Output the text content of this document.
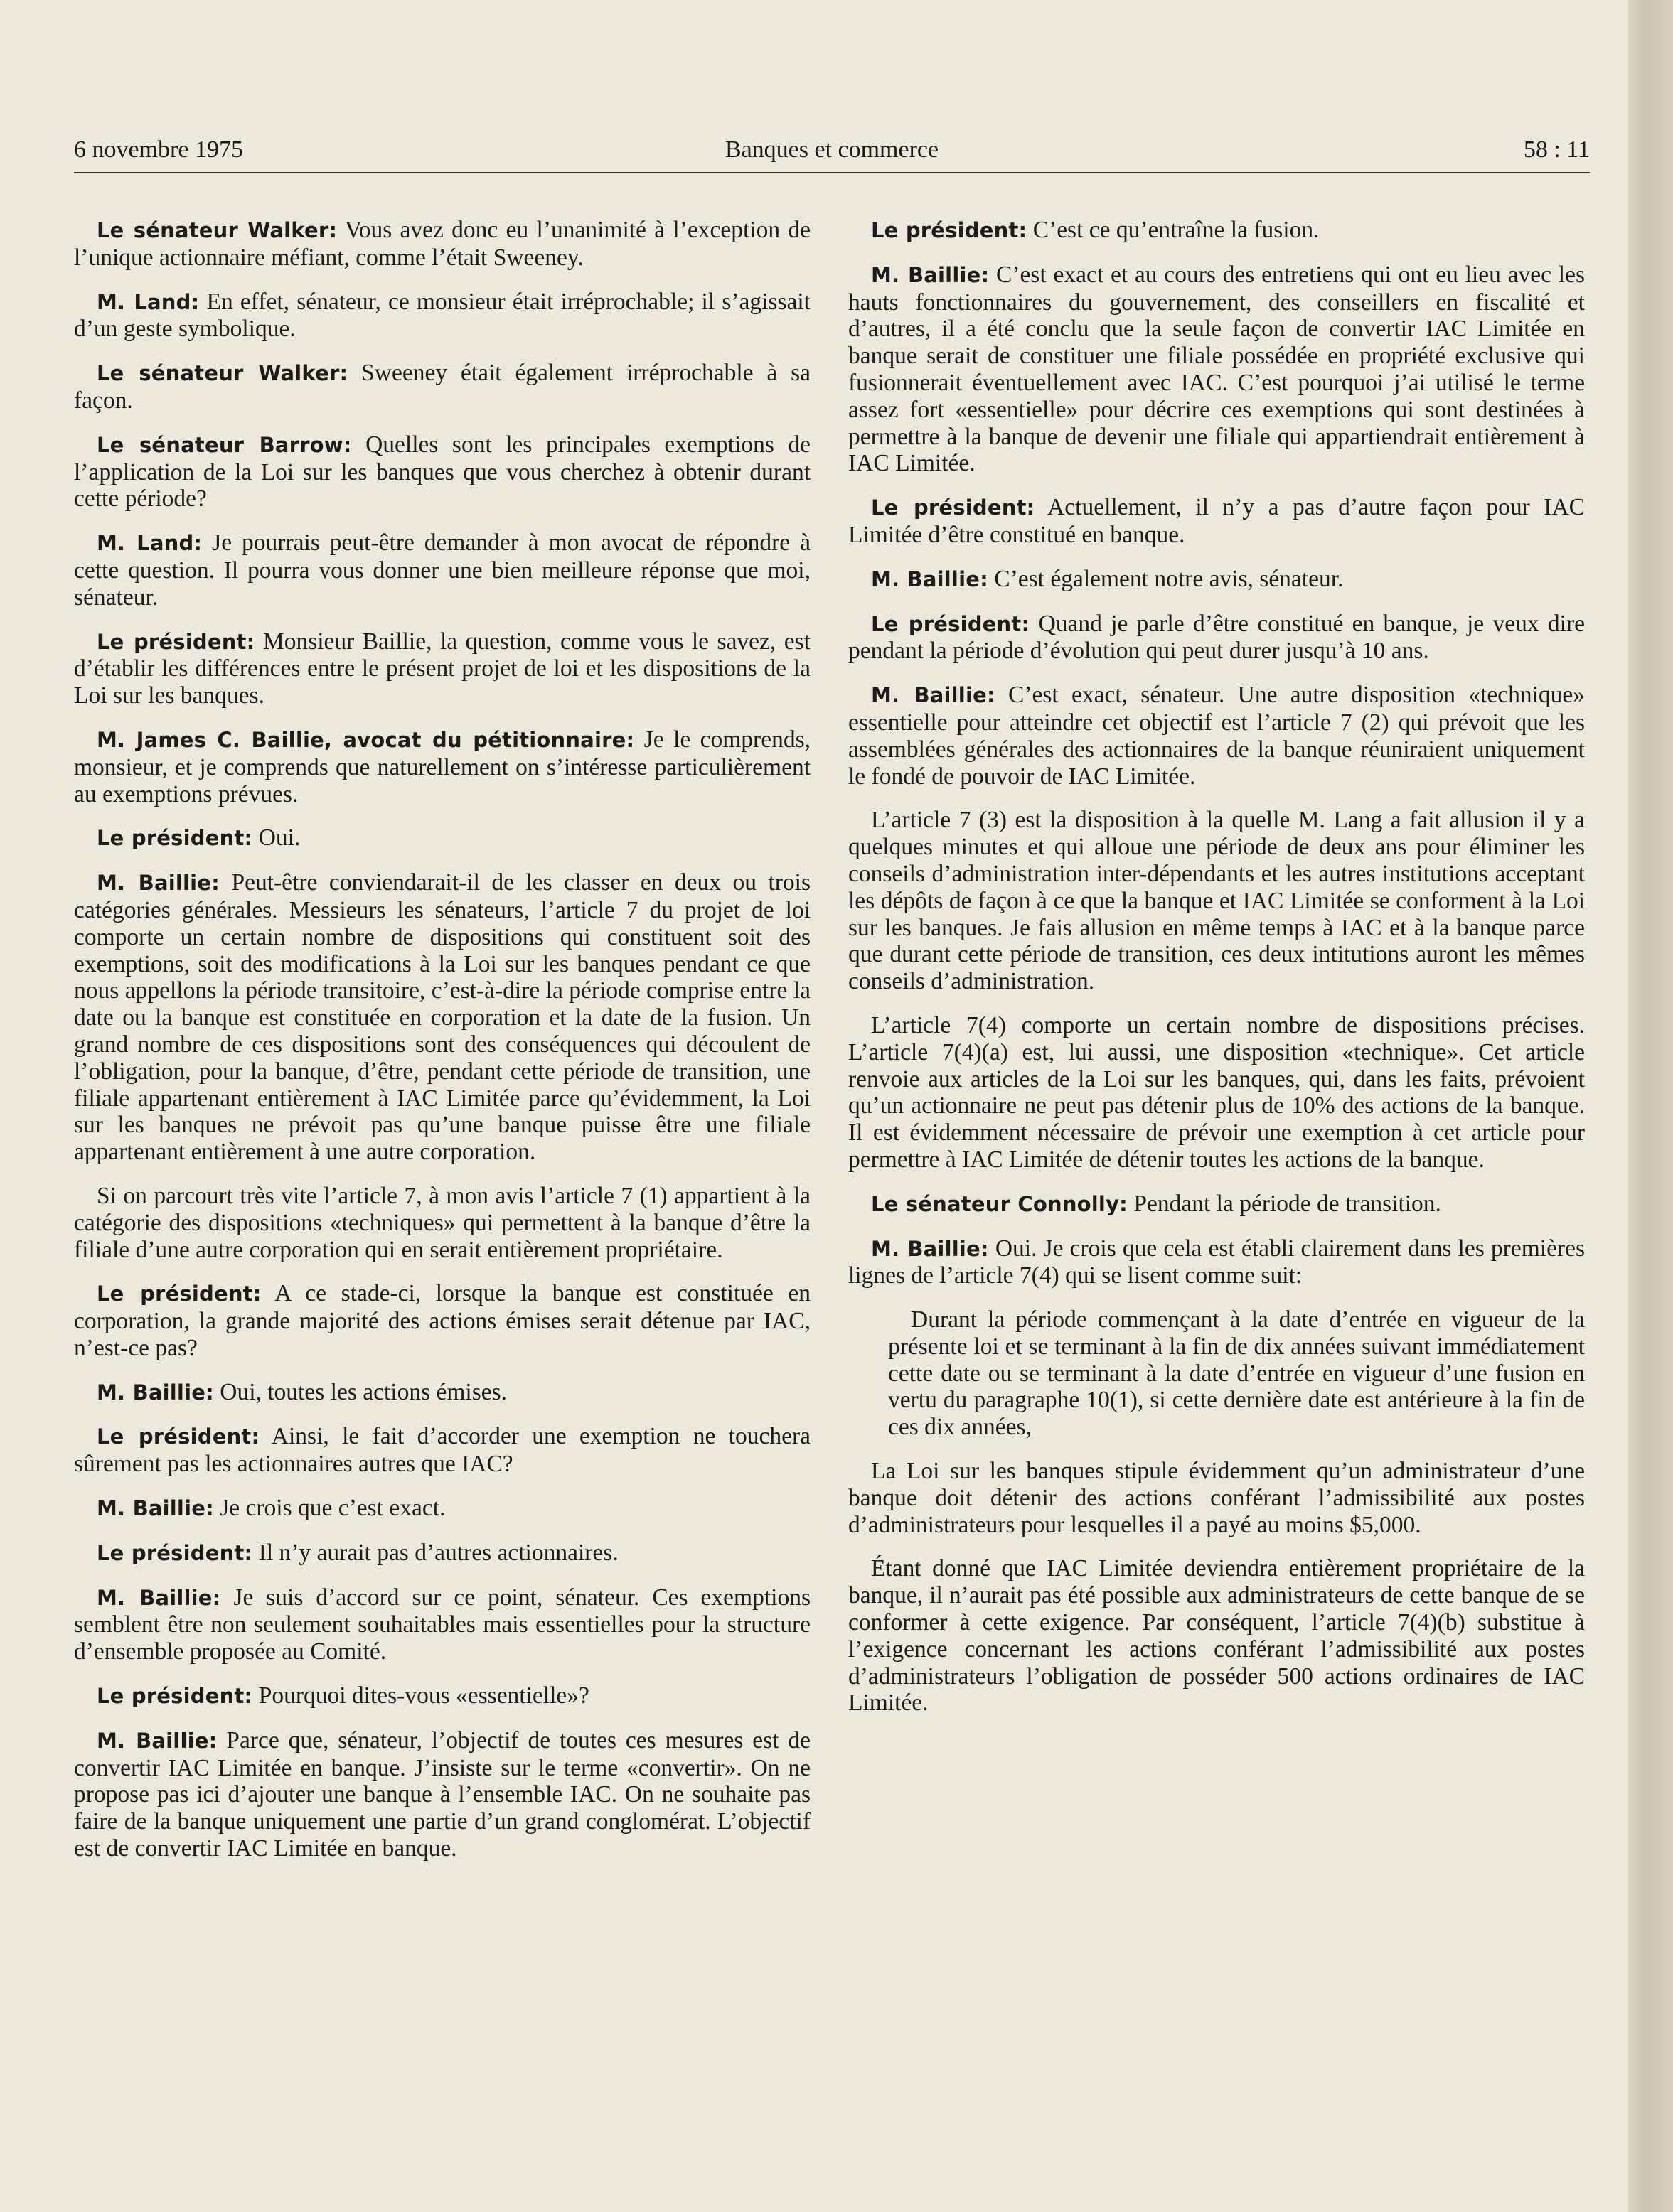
6 novembre 1975	Banques et commerce	58 : 11

Le sénateur Walker: Vous avez donc eu l’unanimité à l’exception de l’unique actionnaire méfiant, comme l’était Sweeney.

M. Land: En effet, sénateur, ce monsieur était irréprochable; il s’agissait d’un geste symbolique.

Le sénateur Walker: Sweeney était également irréprochable à sa façon.

Le sénateur Barrow: Quelles sont les principales exemptions de l’application de la Loi sur les banques que vous cherchez à obtenir durant cette période?

M. Land: Je pourrais peut-être demander à mon avocat de répondre à cette question. Il pourra vous donner une bien meilleure réponse que moi, sénateur.

Le président: Monsieur Baillie, la question, comme vous le savez, est d’établir les différences entre le présent projet de loi et les dispositions de la Loi sur les banques.

M. James C. Baillie, avocat du pétitionnaire: Je le comprends, monsieur, et je comprends que naturellement on s’intéresse particulièrement au exemptions prévues.

Le président: Oui.

M. Baillie: Peut-être conviendarait-il de les classer en deux ou trois catégories générales. Messieurs les sénateurs, l’article 7 du projet de loi comporte un certain nombre de dispositions qui constituent soit des exemptions, soit des modifications à la Loi sur les banques pendant ce que nous appellons la période transitoire, c’est-à-dire la période comprise entre la date ou la banque est constituée en corporation et la date de la fusion. Un grand nombre de ces dispositions sont des conséquences qui découlent de l’obligation, pour la banque, d’être, pendant cette période de transition, une filiale appartenant entièrement à IAC Limitée parce qu’évidemment, la Loi sur les banques ne prévoit pas qu’une banque puisse être une filiale appartenant entièrement à une autre corporation.

Si on parcourt très vite l’article 7, à mon avis l’article 7 (1) appartient à la catégorie des dispositions «techniques» qui permettent à la banque d’être la filiale d’une autre corporation qui en serait entièrement propriétaire.

Le président: A ce stade-ci, lorsque la banque est constituée en corporation, la grande majorité des actions émises serait détenue par IAC, n’est-ce pas?

M. Baillie: Oui, toutes les actions émises.

Le président: Ainsi, le fait d’accorder une exemption ne touchera sûrement pas les actionnaires autres que IAC?

M. Baillie: Je crois que c’est exact.

Le président: Il n’y aurait pas d’autres actionnaires.

M. Baillie: Je suis d’accord sur ce point, sénateur. Ces exemptions semblent être non seulement souhaitables mais essentielles pour la structure d’ensemble proposée au Comité.

Le président: Pourquoi dites-vous «essentielle»?

M. Baillie: Parce que, sénateur, l’objectif de toutes ces mesures est de convertir IAC Limitée en banque. J’insiste sur le terme «convertir». On ne propose pas ici d’ajouter une banque à l’ensemble IAC. On ne souhaite pas faire de la banque uniquement une partie d’un grand conglomérat. L’objectif est de convertir IAC Limitée en banque.

Le président: C’est ce qu’entraîne la fusion.

M. Baillie: C’est exact et au cours des entretiens qui ont eu lieu avec les hauts fonctionnaires du gouvernement, des conseillers en fiscalité et d’autres, il a été conclu que la seule façon de convertir IAC Limitée en banque serait de constituer une filiale possédée en propriété exclusive qui fusionnerait éventuellement avec IAC. C’est pourquoi j’ai utilisé le terme assez fort «essentielle» pour décrire ces exemptions qui sont destinées à permettre à la banque de devenir une filiale qui appartiendrait entièrement à IAC Limitée.

Le président: Actuellement, il n’y a pas d’autre façon pour IAC Limitée d’être constitué en banque.

M. Baillie: C’est également notre avis, sénateur.

Le président: Quand je parle d’être constitué en banque, je veux dire pendant la période d’évolution qui peut durer jusqu’à 10 ans.

M. Baillie: C’est exact, sénateur. Une autre disposition «technique» essentielle pour atteindre cet objectif est l’article 7 (2) qui prévoit que les assemblées générales des actionnaires de la banque réuniraient uniquement le fondé de pouvoir de IAC Limitée.

L’article 7 (3) est la disposition à la quelle M. Lang a fait allusion il y a quelques minutes et qui alloue une période de deux ans pour éliminer les conseils d’administration inter-dépendants et les autres institutions acceptant les dépôts de façon à ce que la banque et IAC Limitée se conforment à la Loi sur les banques. Je fais allusion en même temps à IAC et à la banque parce que durant cette période de transition, ces deux intitutions auront les mêmes conseils d’administration.

L’article 7(4) comporte un certain nombre de dispositions précises. L’article 7(4)(a) est, lui aussi, une disposition «technique». Cet article renvoie aux articles de la Loi sur les banques, qui, dans les faits, prévoient qu’un actionnaire ne peut pas détenir plus de 10% des actions de la banque. Il est évidemment nécessaire de prévoir une exemption à cet article pour permettre à IAC Limitée de détenir toutes les actions de la banque.

Le sénateur Connolly: Pendant la période de transition.

M. Baillie: Oui. Je crois que cela est établi clairement dans les premières lignes de l’article 7(4) qui se lisent comme suit:

Durant la période commençant à la date d’entrée en vigueur de la présente loi et se terminant à la fin de dix années suivant immédiatement cette date ou se terminant à la date d’entrée en vigueur d’une fusion en vertu du paragraphe 10(1), si cette dernière date est antérieure à la fin de ces dix années,

La Loi sur les banques stipule évidemment qu’un administrateur d’une banque doit détenir des actions conférant l’admissibilité aux postes d’administrateurs pour lesquelles il a payé au moins $5,000.

Étant donné que IAC Limitée deviendra entièrement propriétaire de la banque, il n’aurait pas été possible aux administrateurs de cette banque de se conformer à cette exigence. Par conséquent, l’article 7(4)(b) substitue à l’exigence concernant les actions conférant l’admissibilité aux postes d’administrateurs l’obligation de posséder 500 actions ordinaires de IAC Limitée.
